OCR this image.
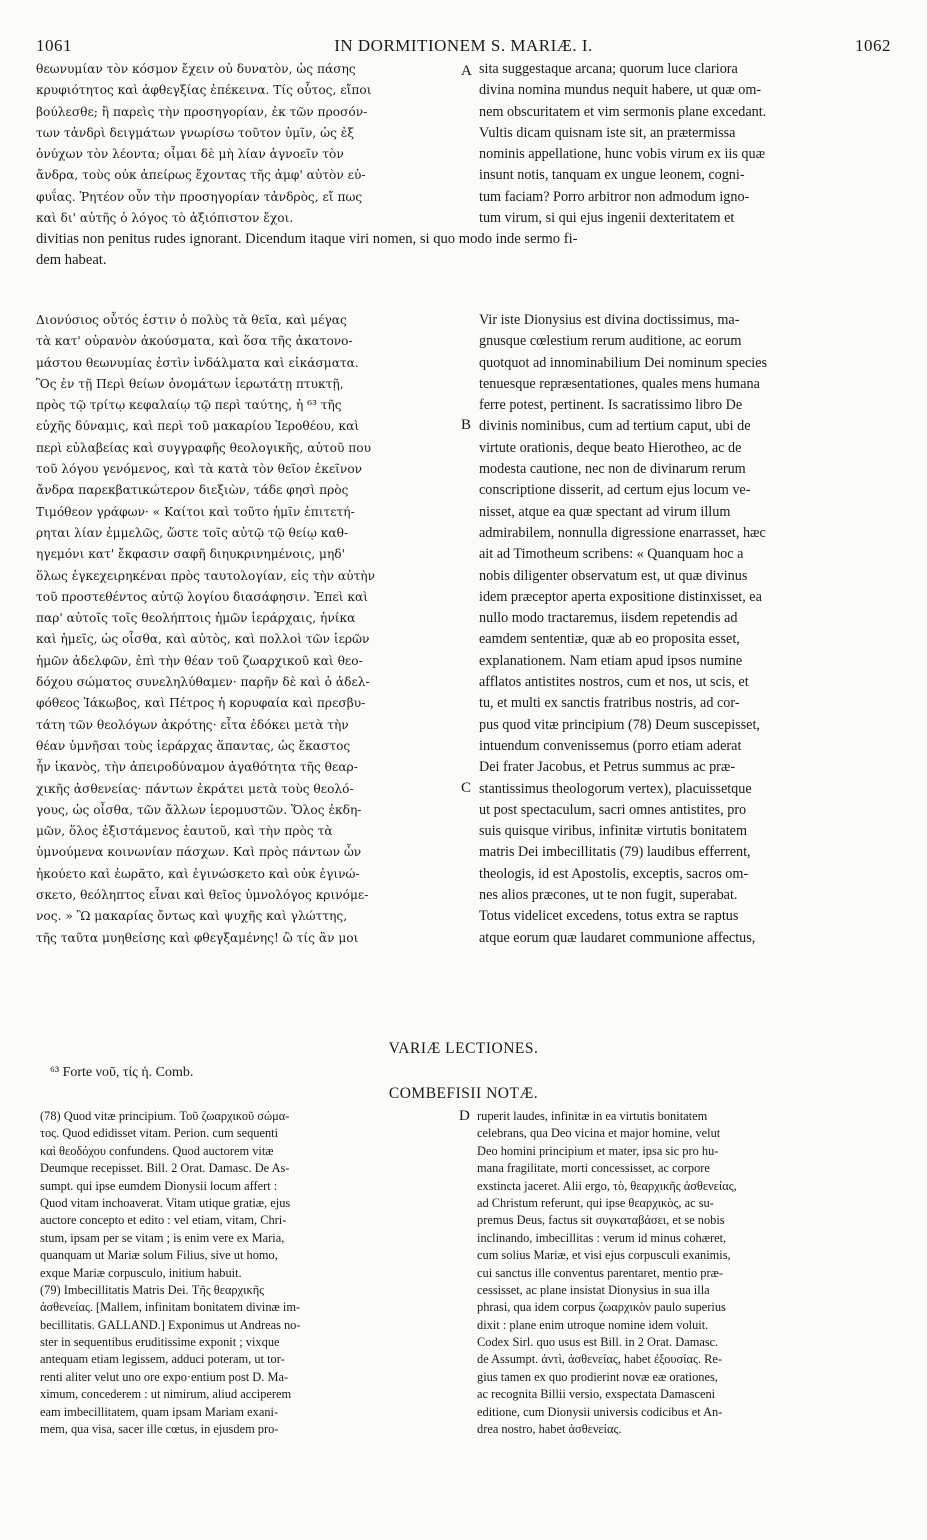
1061	IN DORMITIONEM S. MARIÆ. I.	1062
θεωνυμίαν τὸν κόσμον ἔχειν οὐ δυνατὸν, ὡς πάσης
κρυφιότητος καὶ ἀφθεγξίας ἐπέκεινα. Τίς οὗτος, εἴποι
βούλεσθε; ἢ παρεὶς τὴν προσηγορίαν, ἐκ τῶν προσόν-
των τἀνδρὶ δειγμάτων γνωρίσω τοῦτον ὑμῖν, ὡς ἐξ
ὀνύχων τὸν λέοντα; οἶμαι δὲ μὴ λίαν ἀγνοεῖν τὸν
ἄνδρα, τοὺς οὐκ ἀπείρως ἔχοντας τῆς ἀμφ' αὐτὸν εὐ-
φυΐας. Ῥητέον οὖν τὴν προσηγορίαν τἀνδρὸς, εἴ πως
καὶ δι' αὐτῆς ὁ λόγος τὸ ἀξιόπιστον ἔχοι.
sita suggestaque arcana; quorum luce clariora
divina nomina mundus nequit habere, ut quæ om-
nem obscuritatem et vim sermonis plane excedant.
Vultis dicam quisnam iste sit, an prætermissa
nominis appellatione, hunc vobis virum ex iis quæ
insunt notis, tanquam ex ungue leonem, cogni-
tum faciam? Porro arbitror non admodum igno-
tum virum, si qui ejus ingenii dexteritatem et
divitias non penitus rudes ignorant. Dicendum itaque viri nomen, si quo modo inde sermo fi-
dem habeat.
Διονύσιος οὗτός ἐστιν ὁ πολὺς τὰ θεῖα, καὶ μέγας
τὰ κατ' οὐρανὸν ἀκούσματα, καὶ ὅσα τῆς ἀκατονο-
μάστου θεωνυμίας ἐστὶν ἰνδάλματα καὶ εἰκάσματα.
Ὃς ἐν τῇ Περὶ θείων ὀνομάτων ἱερωτάτῃ πτυκτῇ,
πρὸς τῷ τρίτῳ κεφαλαίῳ τῷ περὶ ταύτης, ἡ ⁶³ τῆς
εὐχῆς δύναμις, καὶ περὶ τοῦ μακαρίου Ἱεροθέου, καὶ
περὶ εὐλαβείας καὶ συγγραφῆς θεολογικῆς, αὐτοῦ που
τοῦ λόγου γενόμενος, καὶ τὰ κατὰ τὸν θεῖον ἐκεῖνον
ἄνδρα παρεκβατικώτερον διεξιὼν, τάδε φησὶ πρὸς
Τιμόθεον γράφων· « Καίτοι καὶ τοῦτο ἡμῖν ἐπιτετή-
ρηται λίαν ἐμμελῶς, ὥστε τοῖς αὐτῷ τῷ θείῳ καθ-
ηγεμόνι κατ' ἔκφασιν σαφῆ διηυκρινημένοις, μηδ'
ὅλως ἐγκεχειρηκέναι πρὸς ταυτολογίαν, εἰς τὴν αὐτὴν
τοῦ προστεθέντος αὐτῷ λογίου διασάφησιν. Ἐπεὶ καὶ
παρ' αὐτοῖς τοῖς θεολήπτοις ἡμῶν ἱεράρχαις, ἡνίκα
καὶ ἡμεῖς, ὡς οἶσθα, καὶ αὐτὸς, καὶ πολλοὶ τῶν ἱερῶν
ἡμῶν ἀδελφῶν, ἐπὶ τὴν θέαν τοῦ ζωαρχικοῦ καὶ θεο-
δόχου σώματος συνεληλύθαμεν· παρῆν δὲ καὶ ὁ ἀδελ-
φόθεος Ἰάκωβος, καὶ Πέτρος ἡ κορυφαία καὶ πρεσβυ-
τάτη τῶν θεολόγων ἀκρότης· εἶτα ἐδόκει μετὰ τὴν
θέαν ὑμνῆσαι τοὺς ἱεράρχας ἅπαντας, ὡς ἕκαστος
ἦν ἱκανὸς, τὴν ἀπειροδύναμον ἀγαθότητα τῆς θεαρ-
χικῆς ἀσθενείας· πάντων ἐκράτει μετὰ τοὺς θεολό-
γους, ὡς οἶσθα, τῶν ἄλλων ἱερομυστῶν. Ὅλος ἐκδη-
μῶν, ὅλος ἐξιστάμενος ἑαυτοῦ, καὶ τὴν πρὸς τὰ
ὑμνούμενα κοινωνίαν πάσχων. Καὶ πρὸς πάντων ὧν
ἠκούετο καὶ ἑωρᾶτο, καὶ ἐγινώσκετο καὶ οὐκ ἐγινώ-
σκετο, θεόληπτος εἶναι καὶ θεῖος ὑμνολόγος κρινόμε-
νος. » Ὢ μακαρίας ὄντως καὶ ψυχῆς καὶ γλώττης,
τῆς ταῦτα μυηθείσης καὶ φθεγξαμένης! ὢ τίς ἂν μοι
Vir iste Dionysius est divina doctissimus, ma-
gnusque cœlestium rerum auditione, ac eorum
quotquot ad innominabilium Dei nominum species
tenuesque repræsentationes, quales mens humana
ferre potest, pertinent. Is sacratissimo libro De
divinis nominibus, cum ad tertium caput, ubi de
virtute orationis, deque beato Hierotheo, ac de
modesta cautione, nec non de divinarum rerum
conscriptione disserit, ad certum ejus locum ve-
nisset, atque ea quæ spectant ad virum illum
admirabilem, nonnulla digressione enarrasset, hæc
ait ad Timotheum scribens: « Quanquam hoc a
nobis diligenter observatum est, ut quæ divinus
idem præceptor aperta expositione distinxisset, ea
nullo modo tractaremus, iisdem repetendis ad
eamdem sententiæ, quæ ab eo proposita esset,
explanationem. Nam etiam apud ipsos numine
afflatos antistites nostros, cum et nos, ut scis, et
tu, et multi ex sanctis fratribus nostris, ad cor-
pus quod vitæ principium (78) Deum suscepisset,
intuendum convenissemus (porro etiam aderat
Dei frater Jacobus, et Petrus summus ac præ-
stantissimus theologorum vertex), placuissetque
ut post spectaculum, sacri omnes antistites, pro
suis quisque viribus, infinitæ virtutis bonitatem
matris Dei imbecillitatis (79) laudibus efferrent,
theologis, id est Apostolis, exceptis, sacros om-
nes alios præcones, ut te non fugit, superabat.
Totus videlicet excedens, totus extra se raptus
atque eorum quæ laudaret communione affectus,
A
B
C
D
VARIÆ LECTIONES.
⁶³ Forte νοῦ, τίς ἡ. Comb.
COMBEFISII NOTÆ.
(78) Quod vitæ principium. Τοῦ ζωαρχικοῦ σώμα-
τος. Quod edidisset vitam. Perion. cum sequenti
καὶ θεοδόχου confundens. Quod auctorem vitæ
Deumque recepisset. Bill. 2 Orat. Damasc. De As-
sumpt. qui ipse eumdem Dionysii locum affert :
Quod vitam inchoaverat. Vitam utique gratiæ, ejus
auctore concepto et edito : vel etiam, vitam, Chri-
stum, ipsam per se vitam ; is enim vere ex Maria,
quanquam ut Mariæ solum Filius, sive ut homo,
exque Mariæ corpusculo, initium habuit.
(79) Imbecillitatis Matris Dei. Τῆς θεαρχικῆς
ἀσθενείας. [Mallem, infinitam bonitatem divinæ im-
becillitatis. GALLAND.] Exponimus ut Andreas no-
ster in sequentibus eruditissime exponit ; vixque
antequam etiam legissem, adduci poteram, ut tor-
renti aliter velut uno ore expo·entium post D. Ma-
ximum, concederem : ut nimirum, aliud acciperem
eam imbecillitatem, quam ipsam Mariam exani-
mem, qua visa, sacer ille cœtus, in ejusdem pro-
ruperit laudes, infinitæ in ea virtutis bonitatem
celebrans, qua Deo vicina et major homine, velut
Deo homini principium et mater, ipsa sic pro hu-
mana fragilitate, morti concessisset, ac corpore
exstincta jaceret. Alii ergo, τὸ, θεαρχικῆς ἀσθενείας,
ad Christum referunt, qui ipse θεαρχικὸς, ac su-
premus Deus, factus sit συγκαταβάσει, et se nobis
inclinando, imbecillitas : verum id minus cohæret,
cum solius Mariæ, et visi ejus corpusculi exanimis,
cui sanctus ille conventus parentaret, mentio præ-
cessisset, ac plane insistat Dionysius in sua illa
phrasi, qua idem corpus ζωαρχικὸν paulo superius
dixit : plane enim utroque nomine idem voluit.
Codex Sirl. quo usus est Bill. in 2 Orat. Damasc.
de Assumpt. ἀντὶ, ἀσθενείας, habet ἐξουσίας. Re-
gius tamen ex quo prodierint novæ eæ orationes,
ac recognita Billii versio, exspectata Damasceni
editione, cum Dionysii universis codicibus et An-
drea nostro, habet ἀσθενείας.
